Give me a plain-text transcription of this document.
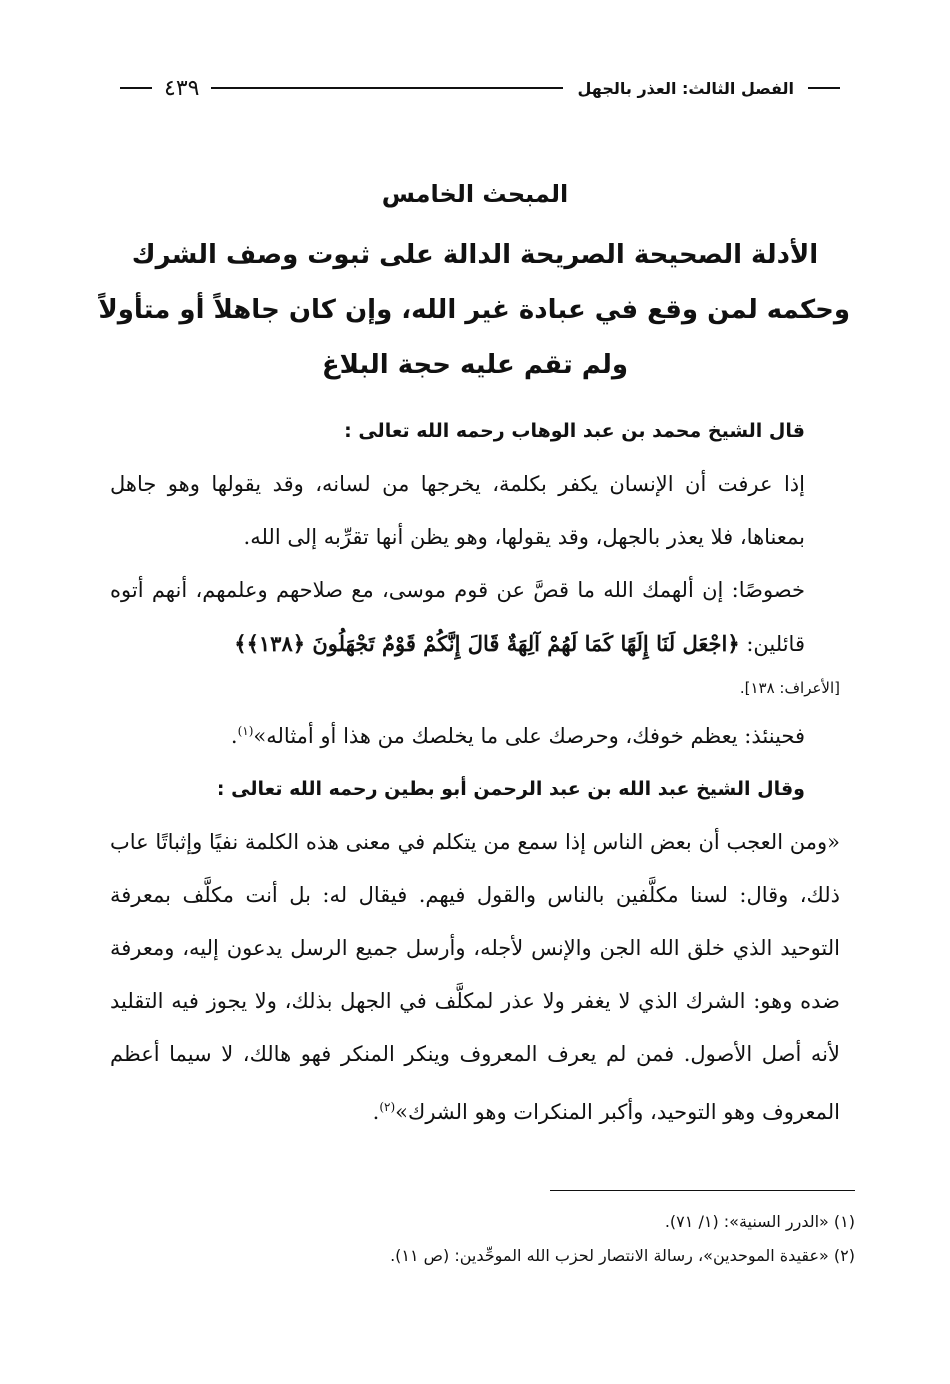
الفصل الثالث: العذر بالجهل
٤٣٩
المبحث الخامس
الأدلة الصحيحة الصريحة الدالة على ثبوت وصف الشرك
وحكمه لمن وقع في عبادة غير الله، وإن كان جاهلاً أو متأولاً
ولم تقم عليه حجة البلاغ

قال الشيخ محمد بن عبد الوهاب رحمه الله تعالى :

إذا عرفت أن الإنسان يكفر بكلمة، يخرجها من لسانه، وقد يقولها وهو جاهل بمعناها، فلا يعذر بالجهل، وقد يقولها، وهو يظن أنها تقرِّبه إلى الله.

خصوصًا: إن ألهمك الله ما قصَّ عن قوم موسى، مع صلاحهم وعلمهم، أنهم أتوه قائلين: ﴿اجْعَل لَنَا إِلَهًا كَمَا لَهُمْ آلِهَةٌ قَالَ إِنَّكُمْ قَوْمٌ تَجْهَلُونَ ﴿١٣٨﴾﴾

[الأعراف: ١٣٨].

فحينئذ: يعظم خوفك، وحرصك على ما يخلصك من هذا أو أمثاله»$^{(١)}$.

وقال الشيخ عبد الله بن عبد الرحمن أبو بطين رحمه الله تعالى :

«ومن العجب أن بعض الناس إذا سمع من يتكلم في معنى هذه الكلمة نفيًا وإثباتًا عاب ذلك، وقال: لسنا مكلَّفين بالناس والقول فيهم. فيقال له: بل أنت مكلَّف بمعرفة التوحيد الذي خلق الله الجن والإنس لأجله، وأرسل جميع الرسل يدعون إليه، ومعرفة ضده وهو: الشرك الذي لا يغفر ولا عذر لمكلَّف في الجهل بذلك، ولا يجوز فيه التقليد لأنه أصل الأصول. فمن لم يعرف المعروف وينكر المنكر فهو هالك، لا سيما أعظم المعروف وهو التوحيد، وأكبر المنكرات وهو الشرك»$^{(٢)}$.

(١) «الدرر السنية»: (١/ ٧١).

(٢) «عقيدة الموحدين»، رسالة الانتصار لحزب الله الموحِّدين: (ص ١١).
